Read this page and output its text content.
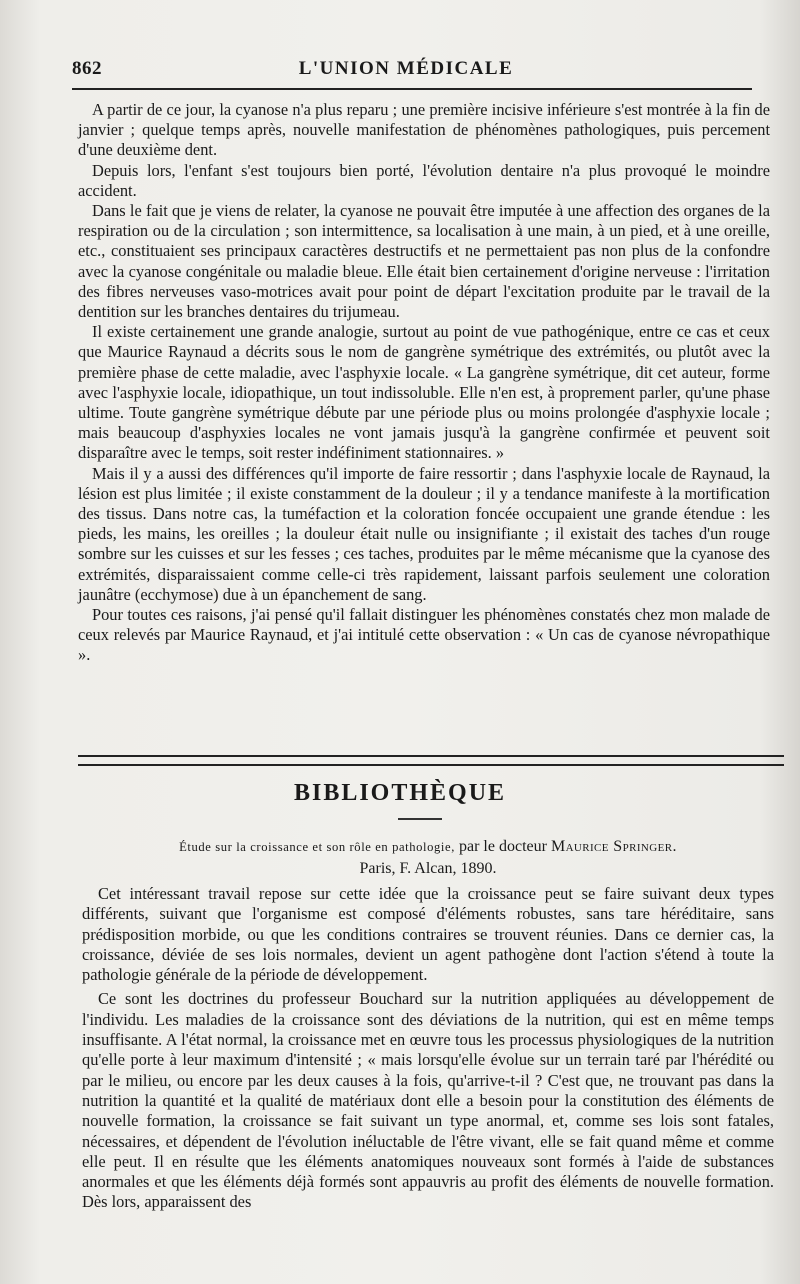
862	L'UNION MÉDICALE

A partir de ce jour, la cyanose n'a plus reparu ; une première incisive inférieure s'est montrée à la fin de janvier ; quelque temps après, nouvelle manifestation de phénomènes pathologiques, puis percement d'une deuxième dent.

Depuis lors, l'enfant s'est toujours bien porté, l'évolution dentaire n'a plus provoqué le moindre accident.

Dans le fait que je viens de relater, la cyanose ne pouvait être imputée à une affection des organes de la respiration ou de la circulation ; son intermittence, sa localisation à une main, à un pied, et à une oreille, etc., constituaient ses principaux caractères destructifs et ne permettaient pas non plus de la confondre avec la cyanose congénitale ou maladie bleue. Elle était bien certainement d'origine nerveuse : l'irritation des fibres nerveuses vaso-motrices avait pour point de départ l'excitation produite par le travail de la dentition sur les branches dentaires du trijumeau.

Il existe certainement une grande analogie, surtout au point de vue pathogénique, entre ce cas et ceux que Maurice Raynaud a décrits sous le nom de gangrène symétrique des extrémités, ou plutôt avec la première phase de cette maladie, avec l'asphyxie locale. « La gangrène symétrique, dit cet auteur, forme avec l'asphyxie locale, idiopathique, un tout indissoluble. Elle n'en est, à proprement parler, qu'une phase ultime. Toute gangrène symétrique débute par une période plus ou moins prolongée d'asphyxie locale ; mais beaucoup d'asphyxies locales ne vont jamais jusqu'à la gangrène confirmée et peuvent soit disparaître avec le temps, soit rester indéfiniment stationnaires. »

Mais il y a aussi des différences qu'il importe de faire ressortir ; dans l'asphyxie locale de Raynaud, la lésion est plus limitée ; il existe constamment de la douleur ; il y a tendance manifeste à la mortification des tissus. Dans notre cas, la tuméfaction et la coloration foncée occupaient une grande étendue : les pieds, les mains, les oreilles ; la douleur était nulle ou insignifiante ; il existait des taches d'un rouge sombre sur les cuisses et sur les fesses ; ces taches, produites par le même mécanisme que la cyanose des extrémités, disparaissaient comme celle-ci très rapidement, laissant parfois seulement une coloration jaunâtre (ecchymose) due à un épanchement de sang.

Pour toutes ces raisons, j'ai pensé qu'il fallait distinguer les phénomènes constatés chez mon malade de ceux relevés par Maurice Raynaud, et j'ai intitulé cette observation : « Un cas de cyanose névropathique ».

BIBLIOTHÈQUE
Étude sur la croissance et son rôle en pathologie, par le docteur Maurice Springer.
Paris, F. Alcan, 1890.

Cet intéressant travail repose sur cette idée que la croissance peut se faire suivant deux types différents, suivant que l'organisme est composé d'éléments robustes, sans tare héréditaire, sans prédisposition morbide, ou que les conditions contraires se trouvent réunies. Dans ce dernier cas, la croissance, déviée de ses lois normales, devient un agent pathogène dont l'action s'étend à toute la pathologie générale de la période de développement.

Ce sont les doctrines du professeur Bouchard sur la nutrition appliquées au développement de l'individu. Les maladies de la croissance sont des déviations de la nutrition, qui est en même temps insuffisante. A l'état normal, la croissance met en œuvre tous les processus physiologiques de la nutrition qu'elle porte à leur maximum d'intensité ; « mais lorsqu'elle évolue sur un terrain taré par l'hérédité ou par le milieu, ou encore par les deux causes à la fois, qu'arrive-t-il ? C'est que, ne trouvant pas dans la nutrition la quantité et la qualité de matériaux dont elle a besoin pour la constitution des éléments de nouvelle formation, la croissance se fait suivant un type anormal, et, comme ses lois sont fatales, nécessaires, et dépendent de l'évolution inéluctable de l'être vivant, elle se fait quand même et comme elle peut. Il en résulte que les éléments anatomiques nouveaux sont formés à l'aide de substances anormales et que les éléments déjà formés sont appauvris au profit des éléments de nouvelle formation. Dès lors, apparaissent des
